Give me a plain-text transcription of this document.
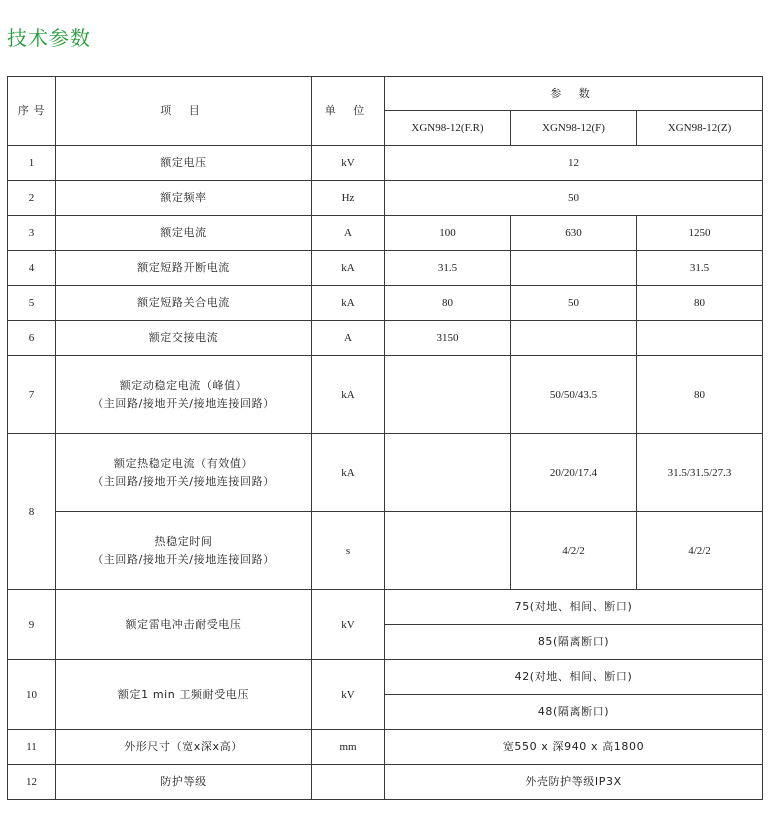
技术参数
序 号	项 目	单 位	参 数		
			XGN98-12(F.R)	XGN98-12(F)	XGN98-12(Z)
1	额定电压	kV	12		
2	额定频率	Hz	50		
3	额定电流	A	100	630	1250
4	额定短路开断电流	kA	31.5		31.5
5	额定短路关合电流	kA	80	50	80
6	额定交接电流	A	3150		
7	额定动稳定电流（峰值）
（主回路/接地开关/接地连接回路）	kA		50/50/43.5	80
8	额定热稳定电流（有效值）
（主回路/接地开关/接地连接回路）	kA		20/20/17.4	31.5/31.5/27.3

	热稳定时间
（主回路/接地开关/接地连接回路）	s		4/2/2	4/2/2
9	额定雷电冲击耐受电压	kV	75(对地、相间、断口)		
			85(隔离断口)		
10	额定1 min 工频耐受电压	kV	42(对地、相间、断口)		
			48(隔离断口)		
11	外形尺寸（宽x深x高）	mm	宽550 x 深940 x 高1800		
12	防护等级		外壳防护等级IP3X		
